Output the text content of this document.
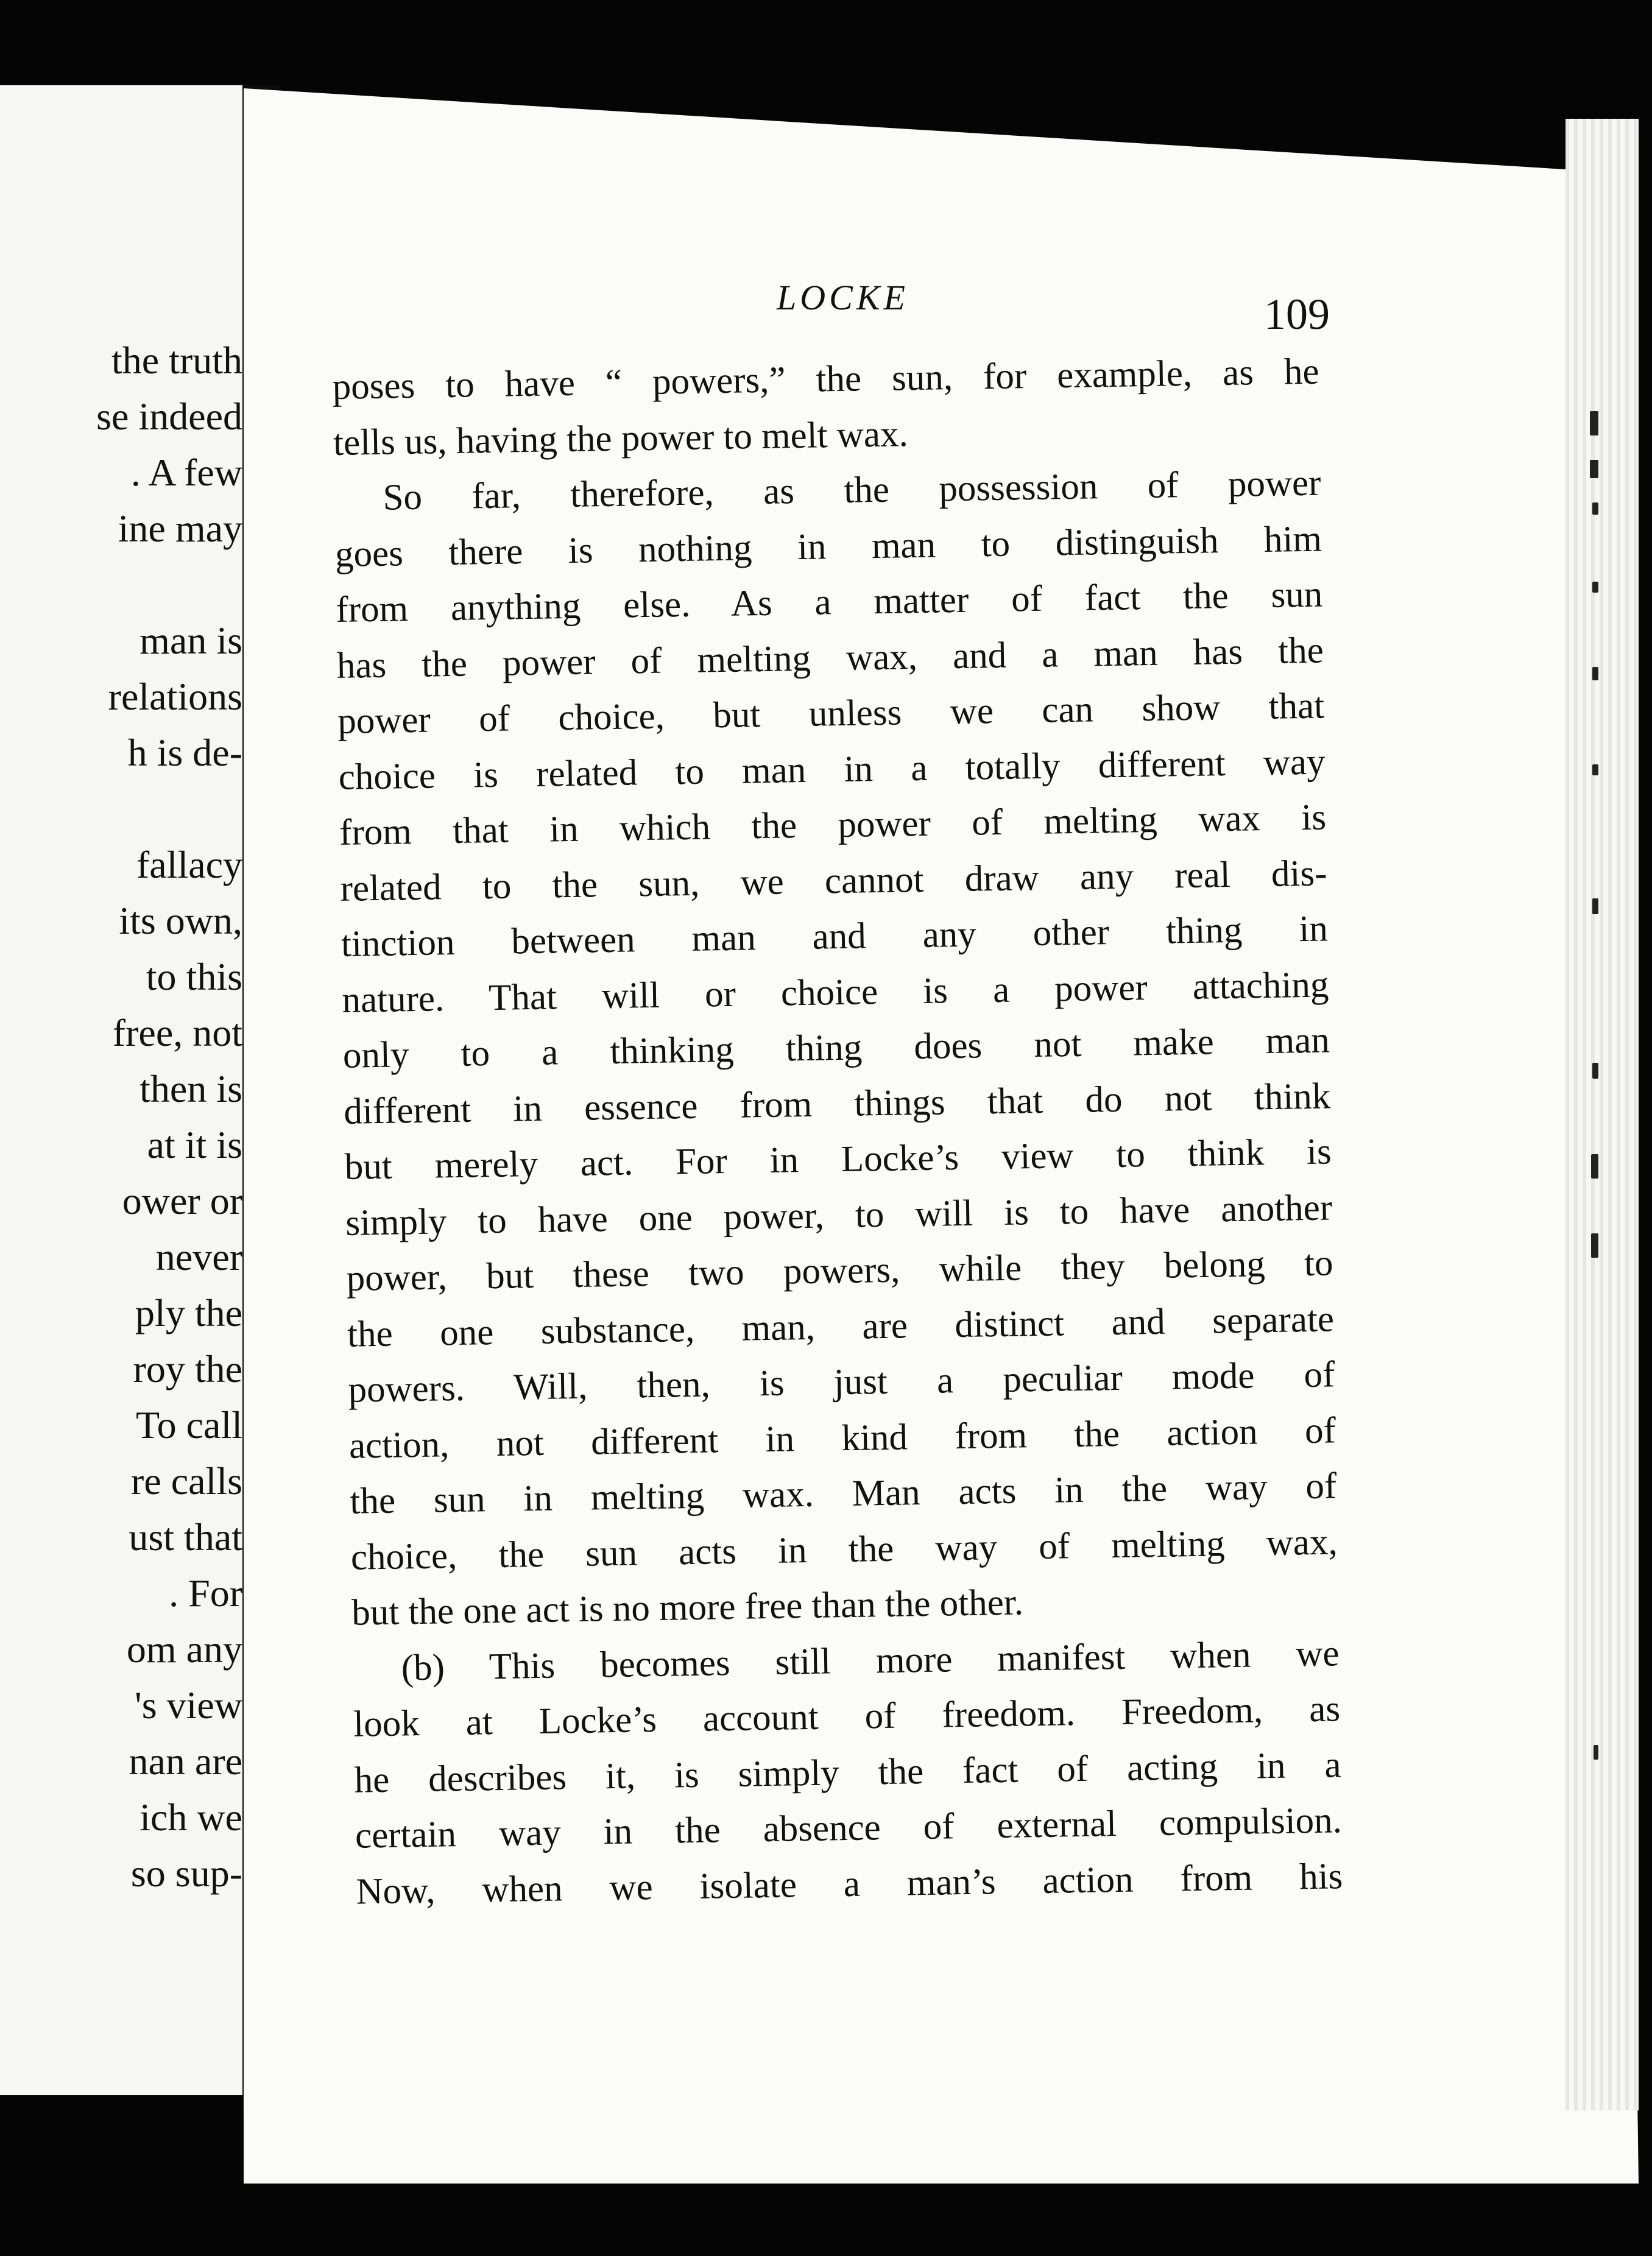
the truth
se indeed
. A few
ine may
man is
relations
h is de-
fallacy
its own,
to this
free, not
then is
at it is
ower or
never
ply the
roy the
To call
re calls
ust that
. For
om any
's view
nan are
ich we
so sup-
LOCKE	109
poses to have “ powers,” the sun, for example, as he
tells us, having the power to melt wax.
So far, therefore, as the possession of power
goes there is nothing in man to distinguish him
from anything else. As a matter of fact the sun
has the power of melting wax, and a man has the
power of choice, but unless we can show that
choice is related to man in a totally different way
from that in which the power of melting wax is
related to the sun, we cannot draw any real dis-
tinction between man and any other thing in
nature. That will or choice is a power attaching
only to a thinking thing does not make man
different in essence from things that do not think
but merely act. For in Locke’s view to think is
simply to have one power, to will is to have another
power, but these two powers, while they belong to
the one substance, man, are distinct and separate
powers. Will, then, is just a peculiar mode of
action, not different in kind from the action of
the sun in melting wax. Man acts in the way of
choice, the sun acts in the way of melting wax,
but the one act is no more free than the other.
(b) This becomes still more manifest when we
look at Locke’s account of freedom. Freedom, as
he describes it, is simply the fact of acting in a
certain way in the absence of external compulsion.
Now, when we isolate a man’s action from his
